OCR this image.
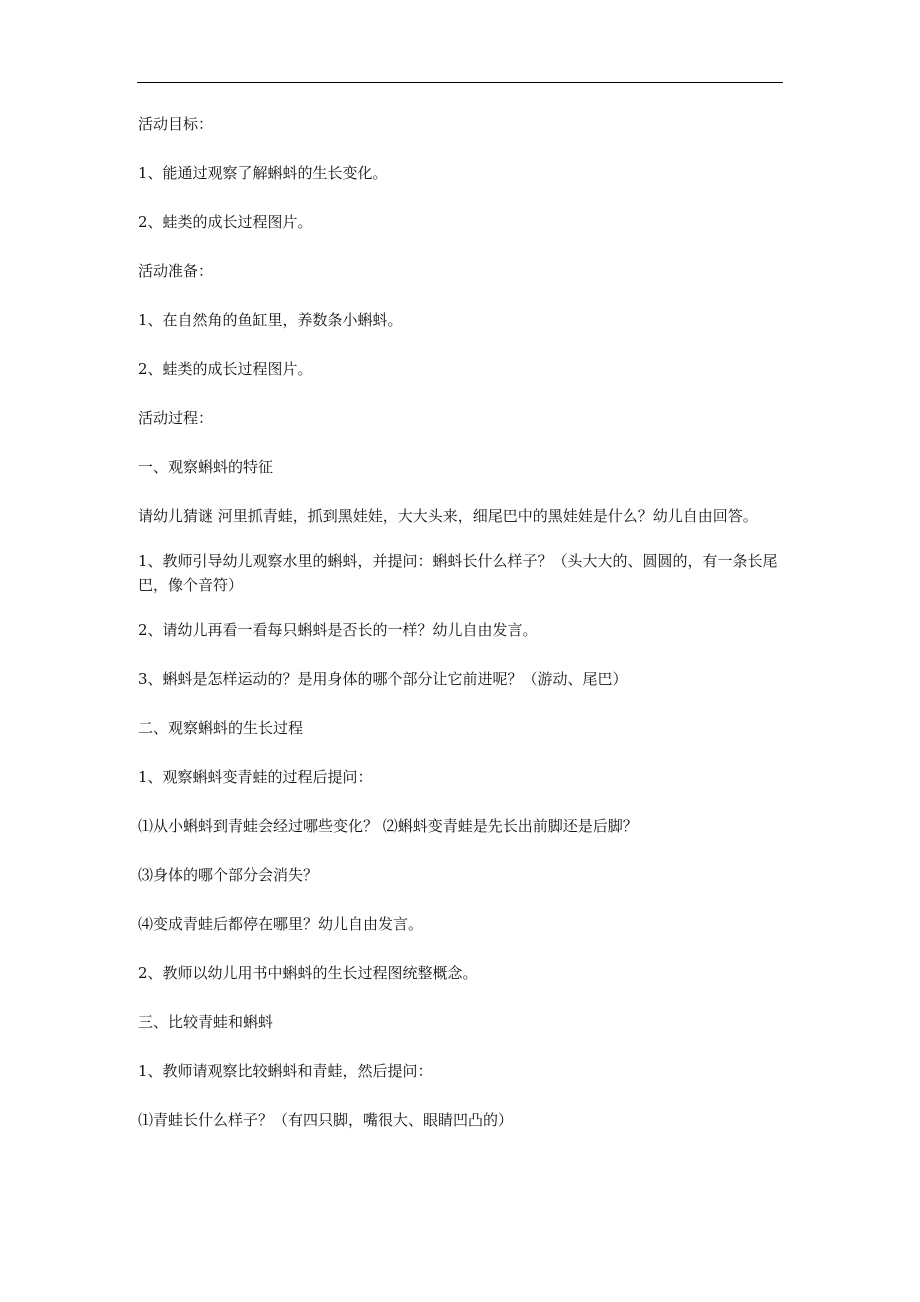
活动目标：

1、能通过观察了解蝌蚪的生长变化。

2、蛙类的成长过程图片。

活动准备：

1、在自然角的鱼缸里，养数条小蝌蚪。

2、蛙类的成长过程图片。

活动过程：

一、观察蝌蚪的特征

请幼儿猜谜 河里抓青蛙，抓到黑娃娃，大大头来，细尾巴中的黑娃娃是什么？幼儿自由回答。

1、教师引导幼儿观察水里的蝌蚪，并提问：蝌蚪长什么样子？（头大大的、圆圆的，有一条长尾巴，像个音符）

2、请幼儿再看一看每只蝌蚪是否长的一样？幼儿自由发言。

3、蝌蚪是怎样运动的？是用身体的哪个部分让它前进呢？（游动、尾巴）

二、观察蝌蚪的生长过程

1、观察蝌蚪变青蛙的过程后提问：

⑴从小蝌蚪到青蛙会经过哪些变化？ ⑵蝌蚪变青蛙是先长出前脚还是后脚？

⑶身体的哪个部分会消失？

⑷变成青蛙后都停在哪里？幼儿自由发言。

2、教师以幼儿用书中蝌蚪的生长过程图统整概念。

三、比较青蛙和蝌蚪

1、教师请观察比较蝌蚪和青蛙，然后提问：

⑴青蛙长什么样子？（有四只脚，嘴很大、眼睛凹凸的）
